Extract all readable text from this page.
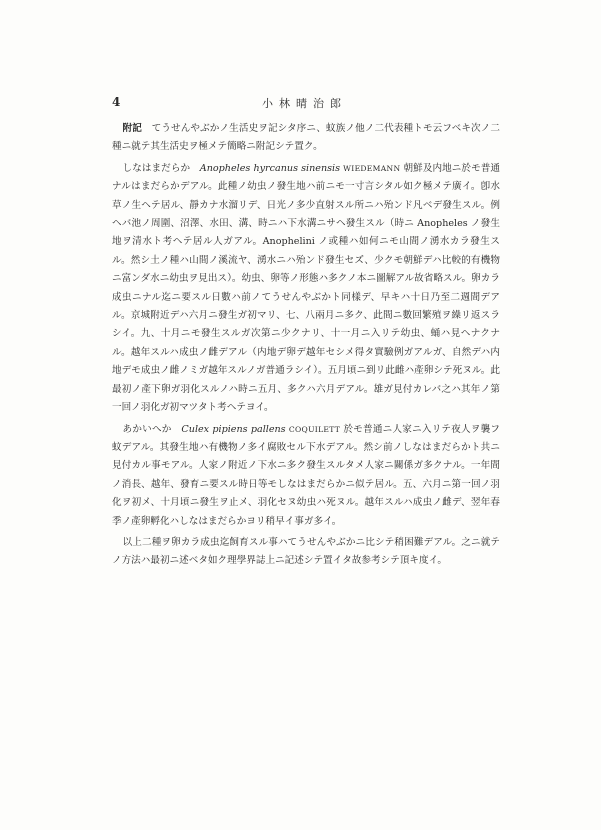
4	小林晴治郎

附記　 てうせんやぶかノ生活史ヲ記シタ序ニ、蚊族ノ他ノ二代表種トモ云フベキ次ノ二種ニ就テ其生活史ヲ極メテ簡略ニ附記シテ置ク。

しなはまだらか　 Anopheles hyrcanus sinensis WIEDEMANN 朝鮮及内地ニ於モ普通ナルはまだらかデアル。此種ノ幼虫ノ發生地ハ前ニモ一寸言シタル如ク極メテ廣イ。卽水草ノ生ヘテ居ル、靜カナ水溜リデ、日光ノ多少直射スル所ニハ殆ンド凡ベデ發生スル。例ヘバ池ノ周圍、沼澤、水田、溝、時ニハ下水溝ニサヘ發生スル（時ニ Anopheles ノ發生地ヲ清水ト考ヘテ居ル人ガアル。Anophelini ノ或種ハ如何ニモ山間ノ湧水カラ發生スル。然シ土ノ種ハ山間ノ溪流ヤ、湧水ニハ殆ンド發生セズ、少クモ朝鮮デハ比較的有機物ニ富ンダ水ニ幼虫ヲ見出ス）。幼虫、卵等ノ形態ハ多クノ本ニ圖解アル故省略スル。卵カラ成虫ニナル迄ニ要スル日數ハ前ノてうせんやぶかト同樣デ、早キハ十日乃至二週間デアル。京城附近デハ六月ニ發生ガ初マリ、七、八兩月ニ多ク、此間ニ數回繁殖ヲ繰リ返スラシイ。九、十月ニモ發生スルガ次第ニ少クナリ、十一月ニ入リテ幼虫、蛹ハ見ヘナクナル。越年スルハ成虫ノ雌デアル（内地デ卵デ越年セシメ得タ實驗例ガアルガ、自然デハ内地デモ成虫ノ雌ノミガ越年スルノガ普通ラシイ）。五月頃ニ到リ此雌ハ產卵シテ死ヌル。此最初ノ產下卵ガ羽化スルノハ時ニ五月、多クハ六月デアル。雄ガ見付カレバ之ハ其年ノ第一回ノ羽化ガ初マツタト考ヘテヨイ。

あかいへか　 Culex pipiens pallens COQUILETT 於モ普通ニ人家ニ入リテ夜人ヲ襲フ蚊デアル。其發生地ハ有機物ノ多イ腐敗セル下水デアル。然シ前ノしなはまだらかト共ニ見付カル事モアル。人家ノ附近ノ下水ニ多ク發生スルタメ人家ニ關係ガ多クナル。一年間ノ消長、越年、發育ニ要スル時日等モしなはまだらかニ似テ居ル。五、六月ニ第一回ノ羽化ヲ初メ、十月頃ニ發生ヲ止メ、羽化セヌ幼虫ハ死ヌル。越年スルハ成虫ノ雌デ、翌年春季ノ產卵孵化ハしなはまだらかヨリ稍早イ事ガ多イ。

以上二種ヲ卵カラ成虫迄飼育スル事ハてうせんやぶかニ比シテ稍困難デアル。之ニ就テノ方法ハ最初ニ述ベタ如ク理學界誌上ニ記述シテ置イタ故参考シテ頂キ度イ。
